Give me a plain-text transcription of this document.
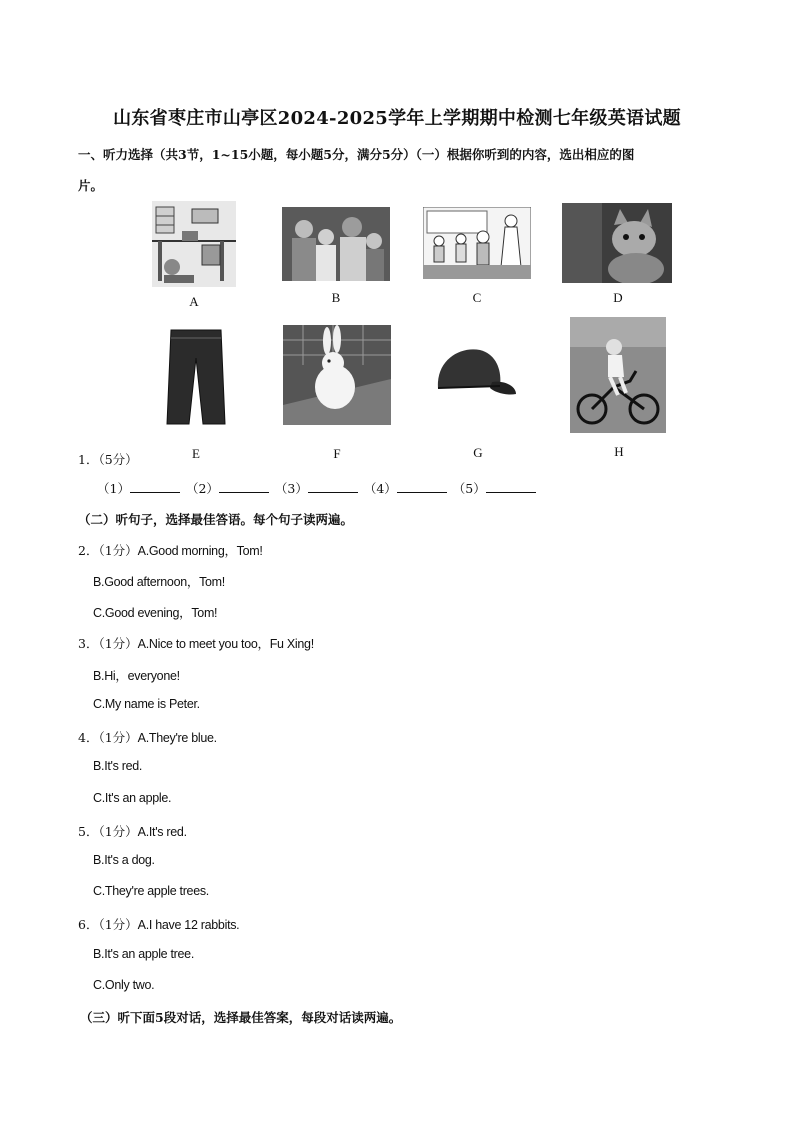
山东省枣庄市山亭区2024-2025学年上学期期中检测七年级英语试题
一、听力选择（共3节，1~15小题，每小题5分，满分5分）（一）根据你听到的内容，选出相应的图
片。
A	B	C	D
E	F	G	H
1．（5分）
（1）	（2）	（3）	（4）	（5）
（二）听句子，选择最佳答语。每个句子读两遍。
2．（1分）A.Good morning，Tom!
B.Good afternoon，Tom!
C.Good evening，Tom!
3．（1分）A.Nice to meet you too，Fu Xing!
B.Hi，everyone!
C.My name is Peter.
4．（1分）A.They're blue.
B.It's red.
C.It's an apple.
5．（1分）A.It's red.
B.It's a dog.
C.They're apple trees.
6．（1分）A.I have 12 rabbits.
B.It's an apple tree.
C.Only two.
（三）听下面5段对话，选择最佳答案，每段对话读两遍。
